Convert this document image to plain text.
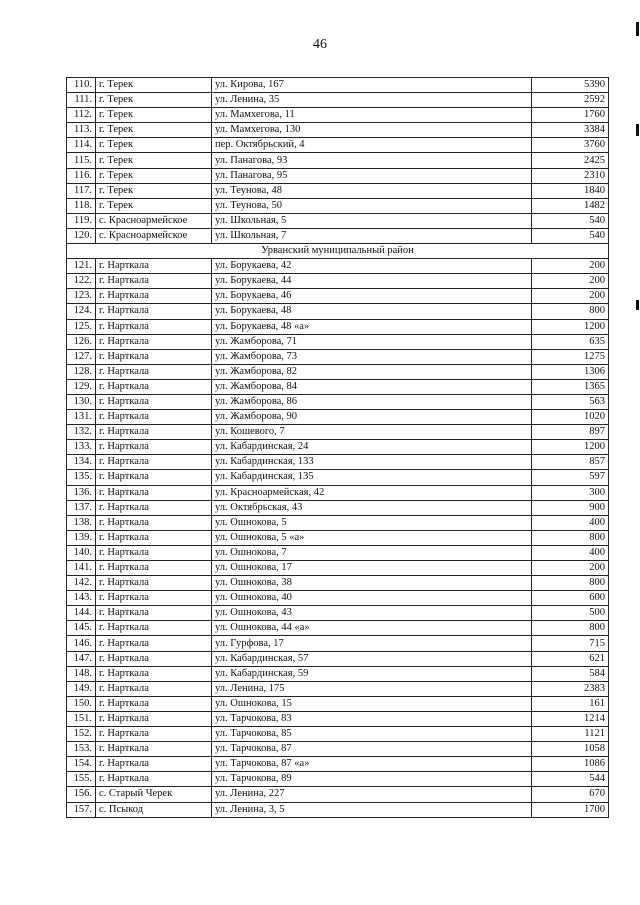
46
110.	г. Терек	ул. Кирова, 167	5390
111.	г. Терек	ул. Ленина, 35	2592
112.	г. Терек	ул. Мамхегова, 11	1760
113.	г. Терек	ул. Мамхегова, 130	3384
114.	г. Терек	пер. Октябрьский, 4	3760
115.	г. Терек	ул. Панагова, 93	2425
116.	г. Терек	ул. Панагова, 95	2310
117.	г. Терек	ул. Теунова, 48	1840
118.	г. Терек	ул. Теунова, 50	1482
119.	с. Красноармейское	ул. Школьная, 5	540
120.	с. Красноармейское	ул. Школьная, 7	540
Урванский муниципальный район			
121.	г. Нарткала	ул. Борукаева, 42	200
122.	г. Нарткала	ул. Борукаева, 44	200
123.	г. Нарткала	ул. Борукаева, 46	200
124.	г. Нарткала	ул. Борукаева, 48	800
125.	г. Нарткала	ул. Борукаева, 48 «а»	1200
126.	г. Нарткала	ул. Жамборова, 71	635
127.	г. Нарткала	ул. Жамборова, 73	1275
128.	г. Нарткала	ул. Жамборова, 82	1306
129.	г. Нарткала	ул. Жамборова, 84	1365
130.	г. Нарткала	ул. Жамборова, 86	563
131.	г. Нарткала	ул. Жамборова, 90	1020
132.	г. Нарткала	ул. Кошевого, 7	897
133.	г. Нарткала	ул. Кабардинская, 24	1200
134.	г. Нарткала	ул. Кабардинская, 133	857
135.	г. Нарткала	ул. Кабардинская, 135	597
136.	г. Нарткала	ул. Красноармейская, 42	300
137.	г. Нарткала	ул. Октябрьская, 43	900
138.	г. Нарткала	ул. Ошнокова, 5	400
139.	г. Нарткала	ул. Ошнокова, 5 «а»	800
140.	г. Нарткала	ул. Ошнокова, 7	400
141.	г. Нарткала	ул. Ошнокова, 17	200
142.	г. Нарткала	ул. Ошнокова, 38	800
143.	г. Нарткала	ул. Ошнокова, 40	600
144.	г. Нарткала	ул. Ошнокова, 43	500
145.	г. Нарткала	ул. Ошнокова, 44 «а»	800
146.	г. Нарткала	ул. Гурфова, 17	715
147.	г. Нарткала	ул. Кабардинская, 57	621
148.	г. Нарткала	ул. Кабардинская, 59	584
149.	г. Нарткала	ул. Ленина, 175	2383
150.	г. Нарткала	ул. Ошнокова, 15	161
151.	г. Нарткала	ул. Тарчокова, 83	1214
152.	г. Нарткала	ул. Тарчокова, 85	1121
153.	г. Нарткала	ул. Тарчокова, 87	1058
154.	г. Нарткала	ул. Тарчокова, 87 «а»	1086
155.	г. Нарткала	ул. Тарчокова, 89	544
156.	с. Старый Черек	ул. Ленина, 227	670
157.	с. Псыкод	ул. Ленина, 3, 5	1700
